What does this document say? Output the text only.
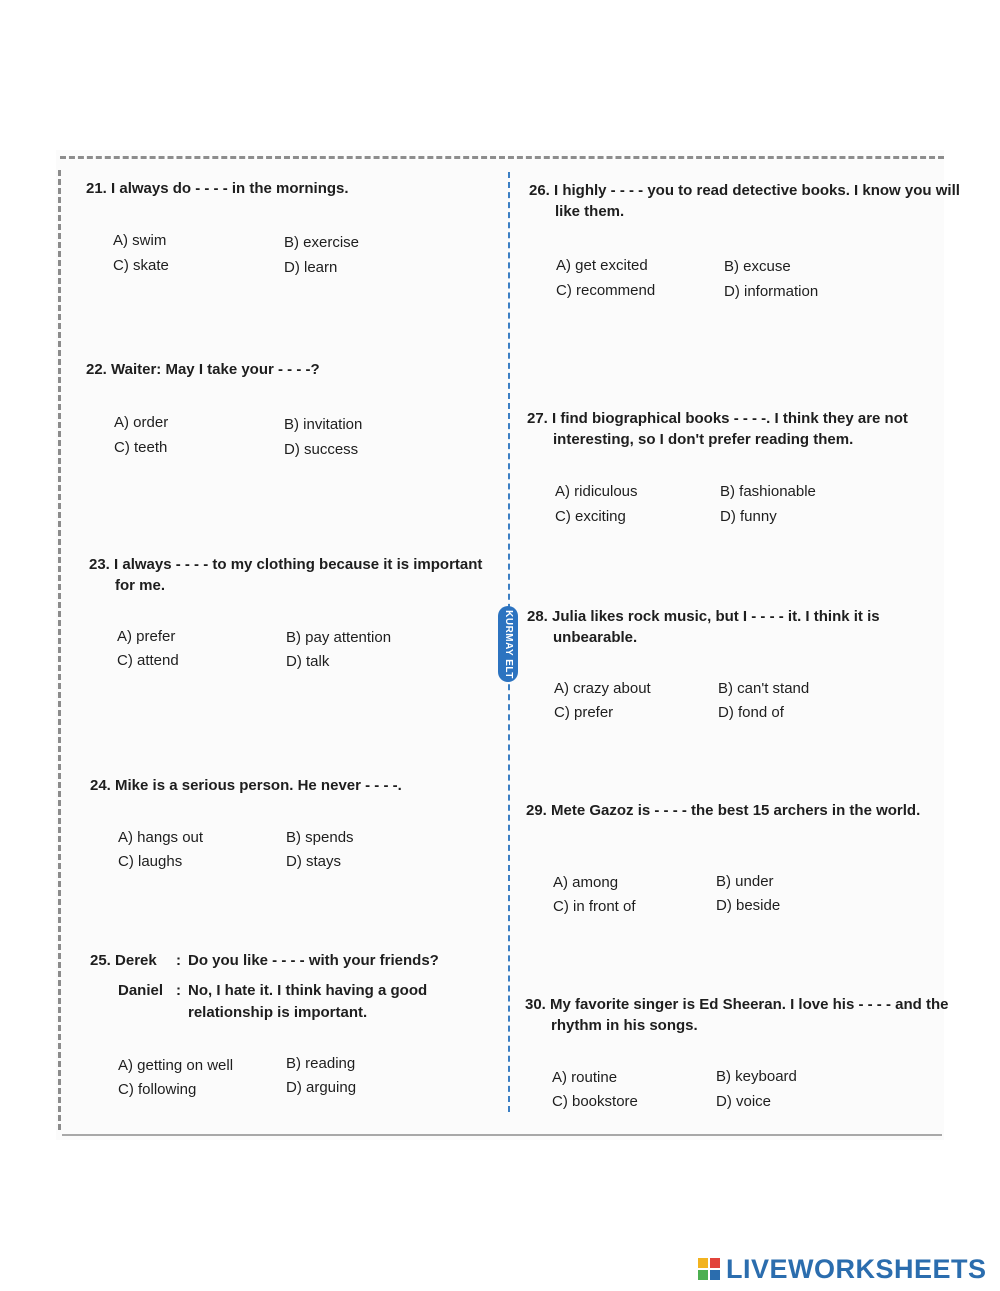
KURMAY ELT
21. I always do - - - - in the mornings.
A) swim	B) exercise
C) skate	D) learn
22. Waiter: May I take your - - - -?
A) order	B) invitation
C) teeth	D) success
23. I always - - - - to my clothing because it is important for me.
A) prefer	B) pay attention
C) attend	D) talk
24. Mike is a serious person. He never - - - -.
A) hangs out	B) spends
C) laughs	D) stays
25. Derek	: Do you like - - - - with your friends?
Daniel : No, I hate it. I think having a good relationship is important.
A) getting on well	B) reading
C) following	D) arguing
26. I highly - - - - you to read detective books. I know you will like them.
A) get excited	B) excuse
C) recommend	D) information
27. I find biographical books - - - -. I think they are not interesting, so I don't prefer reading them.
A) ridiculous	B) fashionable
C) exciting	D) funny
28. Julia likes rock music, but I - - - - it. I think it is unbearable.
A) crazy about	B) can't stand
C) prefer	D) fond of
29. Mete Gazoz is - - - - the best 15 archers in the world.
A) among	B) under
C) in front of	D) beside
30. My favorite singer is Ed Sheeran. I love his - - - - and the rhythm in his songs.
A) routine	B) keyboard
C) bookstore	D) voice
LIVEWORKSHEETS
